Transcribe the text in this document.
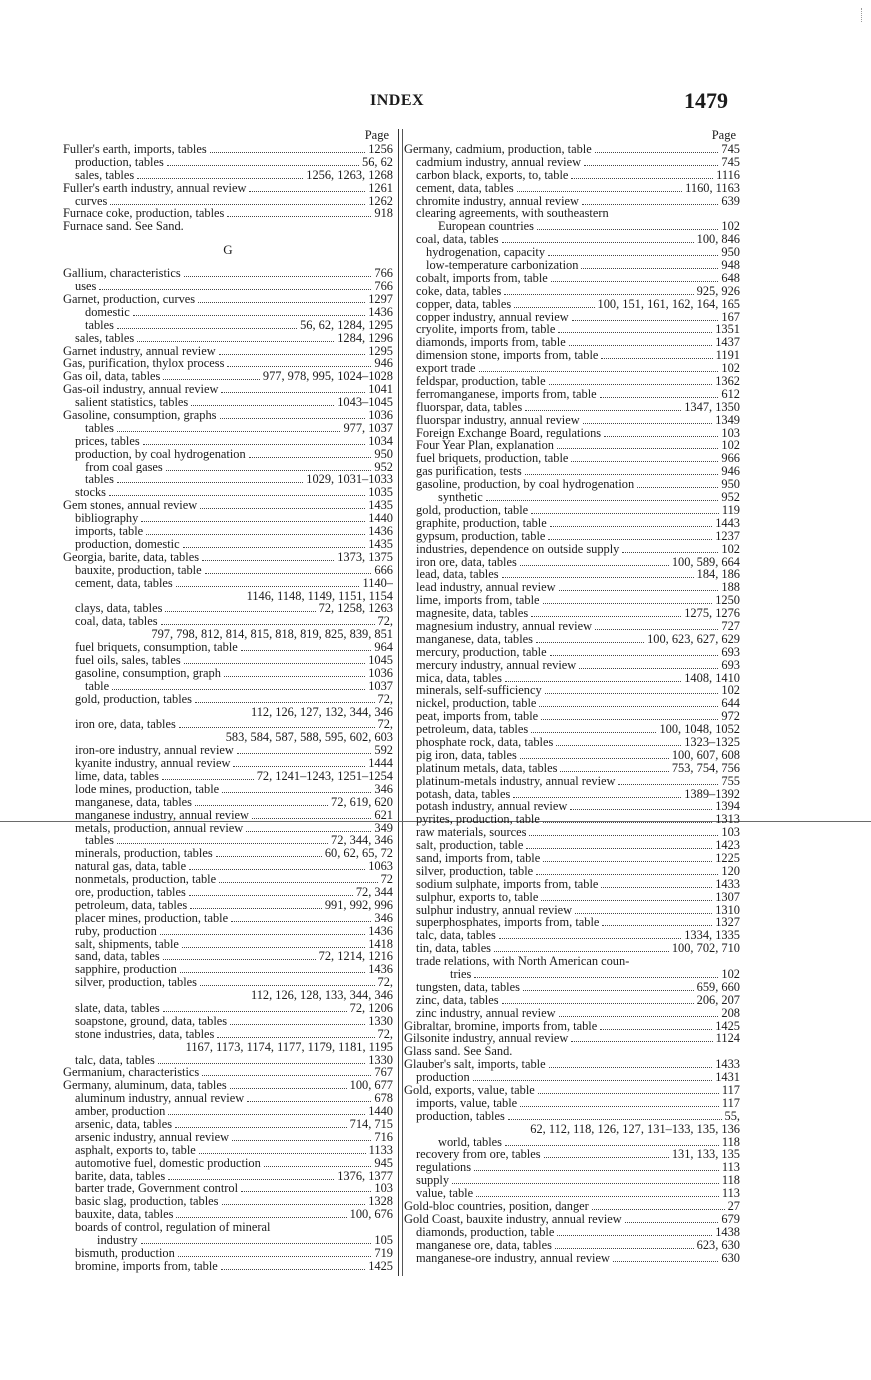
INDEX	1479
Page
Fuller's earth, imports, tables	1256
production, tables	56, 62
sales, tables	1256, 1263, 1268
Fuller's earth industry, annual review	1261
curves	1262
Furnace coke, production, tables	918
Furnace sand. See Sand.
G
Gallium, characteristics	766
uses	766
Garnet, production, curves	1297
domestic	1436
tables	56, 62, 1284, 1295
sales, tables	1284, 1296
Garnet industry, annual review	1295
Gas, purification, thylox process	946
Gas oil, data, tables	977, 978, 995, 1024–1028
Gas-oil industry, annual review	1041
salient statistics, tables	1043–1045
Gasoline, consumption, graphs	1036
tables	977, 1037
prices, tables	1034
production, by coal hydrogenation	950
from coal gases	952
tables	1029, 1031–1033
stocks	1035
Gem stones, annual review	1435
bibliography	1440
imports, table	1436
production, domestic	1435
Georgia, barite, data, tables	1373, 1375
bauxite, production, table	666
cement, data, tables	1140–
1146, 1148, 1149, 1151, 1154
clays, data, tables	72, 1258, 1263
coal, data, tables	72,
797, 798, 812, 814, 815, 818, 819, 825, 839, 851
fuel briquets, consumption, table	964
fuel oils, sales, tables	1045
gasoline, consumption, graph	1036
table	1037
gold, production, tables	72,
112, 126, 127, 132, 344, 346
iron ore, data, tables	72,
583, 584, 587, 588, 595, 602, 603
iron-ore industry, annual review	592
kyanite industry, annual review	1444
lime, data, tables	72, 1241–1243, 1251–1254
lode mines, production, table	346
manganese, data, tables	72, 619, 620
manganese industry, annual review	621
metals, production, annual review	349
tables	72, 344, 346
minerals, production, tables	60, 62, 65, 72
natural gas, data, table	1063
nonmetals, production, table	72
ore, production, tables	72, 344
petroleum, data, tables	991, 992, 996
placer mines, production, table	346
ruby, production	1436
salt, shipments, table	1418
sand, data, tables	72, 1214, 1216
sapphire, production	1436
silver, production, tables	72,
112, 126, 128, 133, 344, 346
slate, data, tables	72, 1206
soapstone, ground, data, tables	1330
stone industries, data, tables	72,
1167, 1173, 1174, 1177, 1179, 1181, 1195
talc, data, tables	1330
Germanium, characteristics	767
Germany, aluminum, data, tables	100, 677
aluminum industry, annual review	678
amber, production	1440
arsenic, data, tables	714, 715
arsenic industry, annual review	716
asphalt, exports to, table	1133
automotive fuel, domestic production	945
barite, data, tables	1376, 1377
barter trade, Government control	103
basic slag, production, tables	1328
bauxite, data, tables	100, 676
boards of control, regulation of mineral
industry	105
bismuth, production	719
bromine, imports from, table	1425
Page
Germany, cadmium, production, table	745
cadmium industry, annual review	745
carbon black, exports, to, table	1116
cement, data, tables	1160, 1163
chromite industry, annual review	639
clearing agreements, with southeastern
European countries	102
coal, data, tables	100, 846
hydrogenation, capacity	950
low-temperature carbonization	948
cobalt, imports from, table	648
coke, data, tables	925, 926
copper, data, tables	100, 151, 161, 162, 164, 165
copper industry, annual review	167
cryolite, imports from, table	1351
diamonds, imports from, table	1437
dimension stone, imports from, table	1191
export trade	102
feldspar, production, table	1362
ferromanganese, imports from, table	612
fluorspar, data, tables	1347, 1350
fluorspar industry, annual review	1349
Foreign Exchange Board, regulations	103
Four Year Plan, explanation	102
fuel briquets, production, table	966
gas purification, tests	946
gasoline, production, by coal hydrogenation	950
synthetic	952
gold, production, table	119
graphite, production, table	1443
gypsum, production, table	1237
industries, dependence on outside supply	102
iron ore, data, tables	100, 589, 664
lead, data, tables	184, 186
lead industry, annual review	188
lime, imports from, table	1250
magnesite, data, tables	1275, 1276
magnesium industry, annual review	727
manganese, data, tables	100, 623, 627, 629
mercury, production, table	693
mercury industry, annual review	693
mica, data, tables	1408, 1410
minerals, self-sufficiency	102
nickel, production, table	644
peat, imports from, table	972
petroleum, data, tables	100, 1048, 1052
phosphate rock, data, tables	1323–1325
pig iron, data, tables	100, 607, 608
platinum metals, data, tables	753, 754, 756
platinum-metals industry, annual review	755
potash, data, tables	1389–1392
potash industry, annual review	1394
pyrites, production, table	1313
raw materials, sources	103
salt, production, table	1423
sand, imports from, table	1225
silver, production, table	120
sodium sulphate, imports from, table	1433
sulphur, exports to, table	1307
sulphur industry, annual review	1310
superphosphates, imports from, table	1327
talc, data, tables	1334, 1335
tin, data, tables	100, 702, 710
trade relations, with North American coun-
tries	102
tungsten, data, tables	659, 660
zinc, data, tables	206, 207
zinc industry, annual review	208
Gibraltar, bromine, imports from, table	1425
Gilsonite industry, annual review	1124
Glass sand. See Sand.
Glauber's salt, imports, table	1433
production	1431
Gold, exports, value, table	117
imports, value, table	117
production, tables	55,
62, 112, 118, 126, 127, 131–133, 135, 136
world, tables	118
recovery from ore, tables	131, 133, 135
regulations	113
supply	118
value, table	113
Gold-bloc countries, position, danger	27
Gold Coast, bauxite industry, annual review	679
diamonds, production, table	1438
manganese ore, data, tables	623, 630
manganese-ore industry, annual review	630
